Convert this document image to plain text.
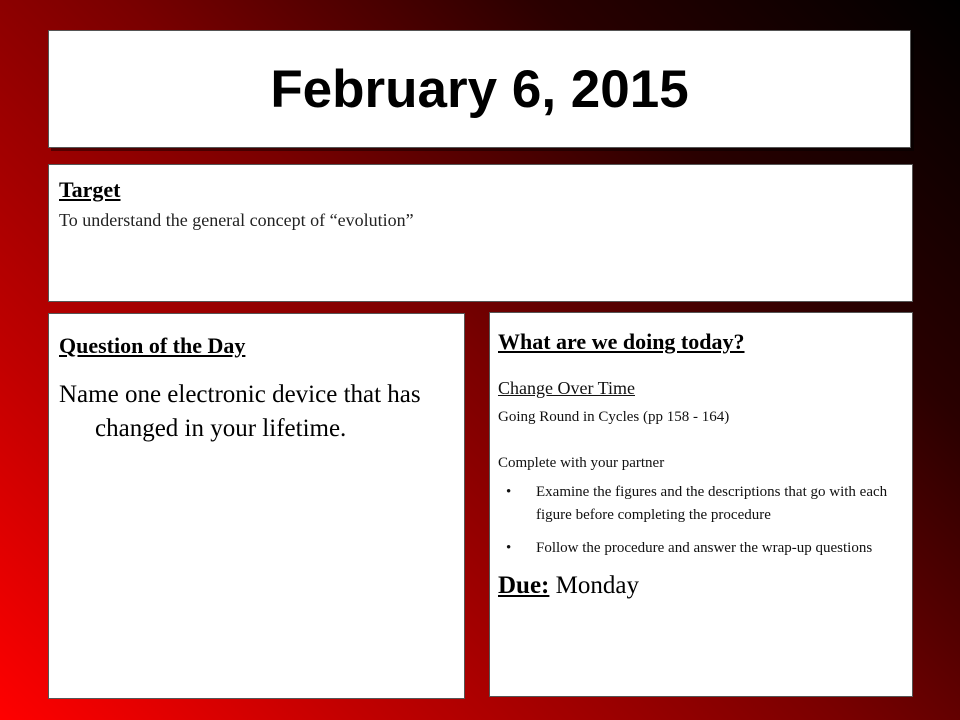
February 6, 2015
Target
To understand the general concept of “evolution”
Question of the Day
Name one electronic device that has changed in your lifetime.
What are we doing today?
Change Over Time
Going Round in Cycles (pp 158 - 164)
Complete with your partner
• Examine the figures and the descriptions that go with each figure before completing the procedure
• Follow the procedure and answer the wrap-up questions
Due: Monday
